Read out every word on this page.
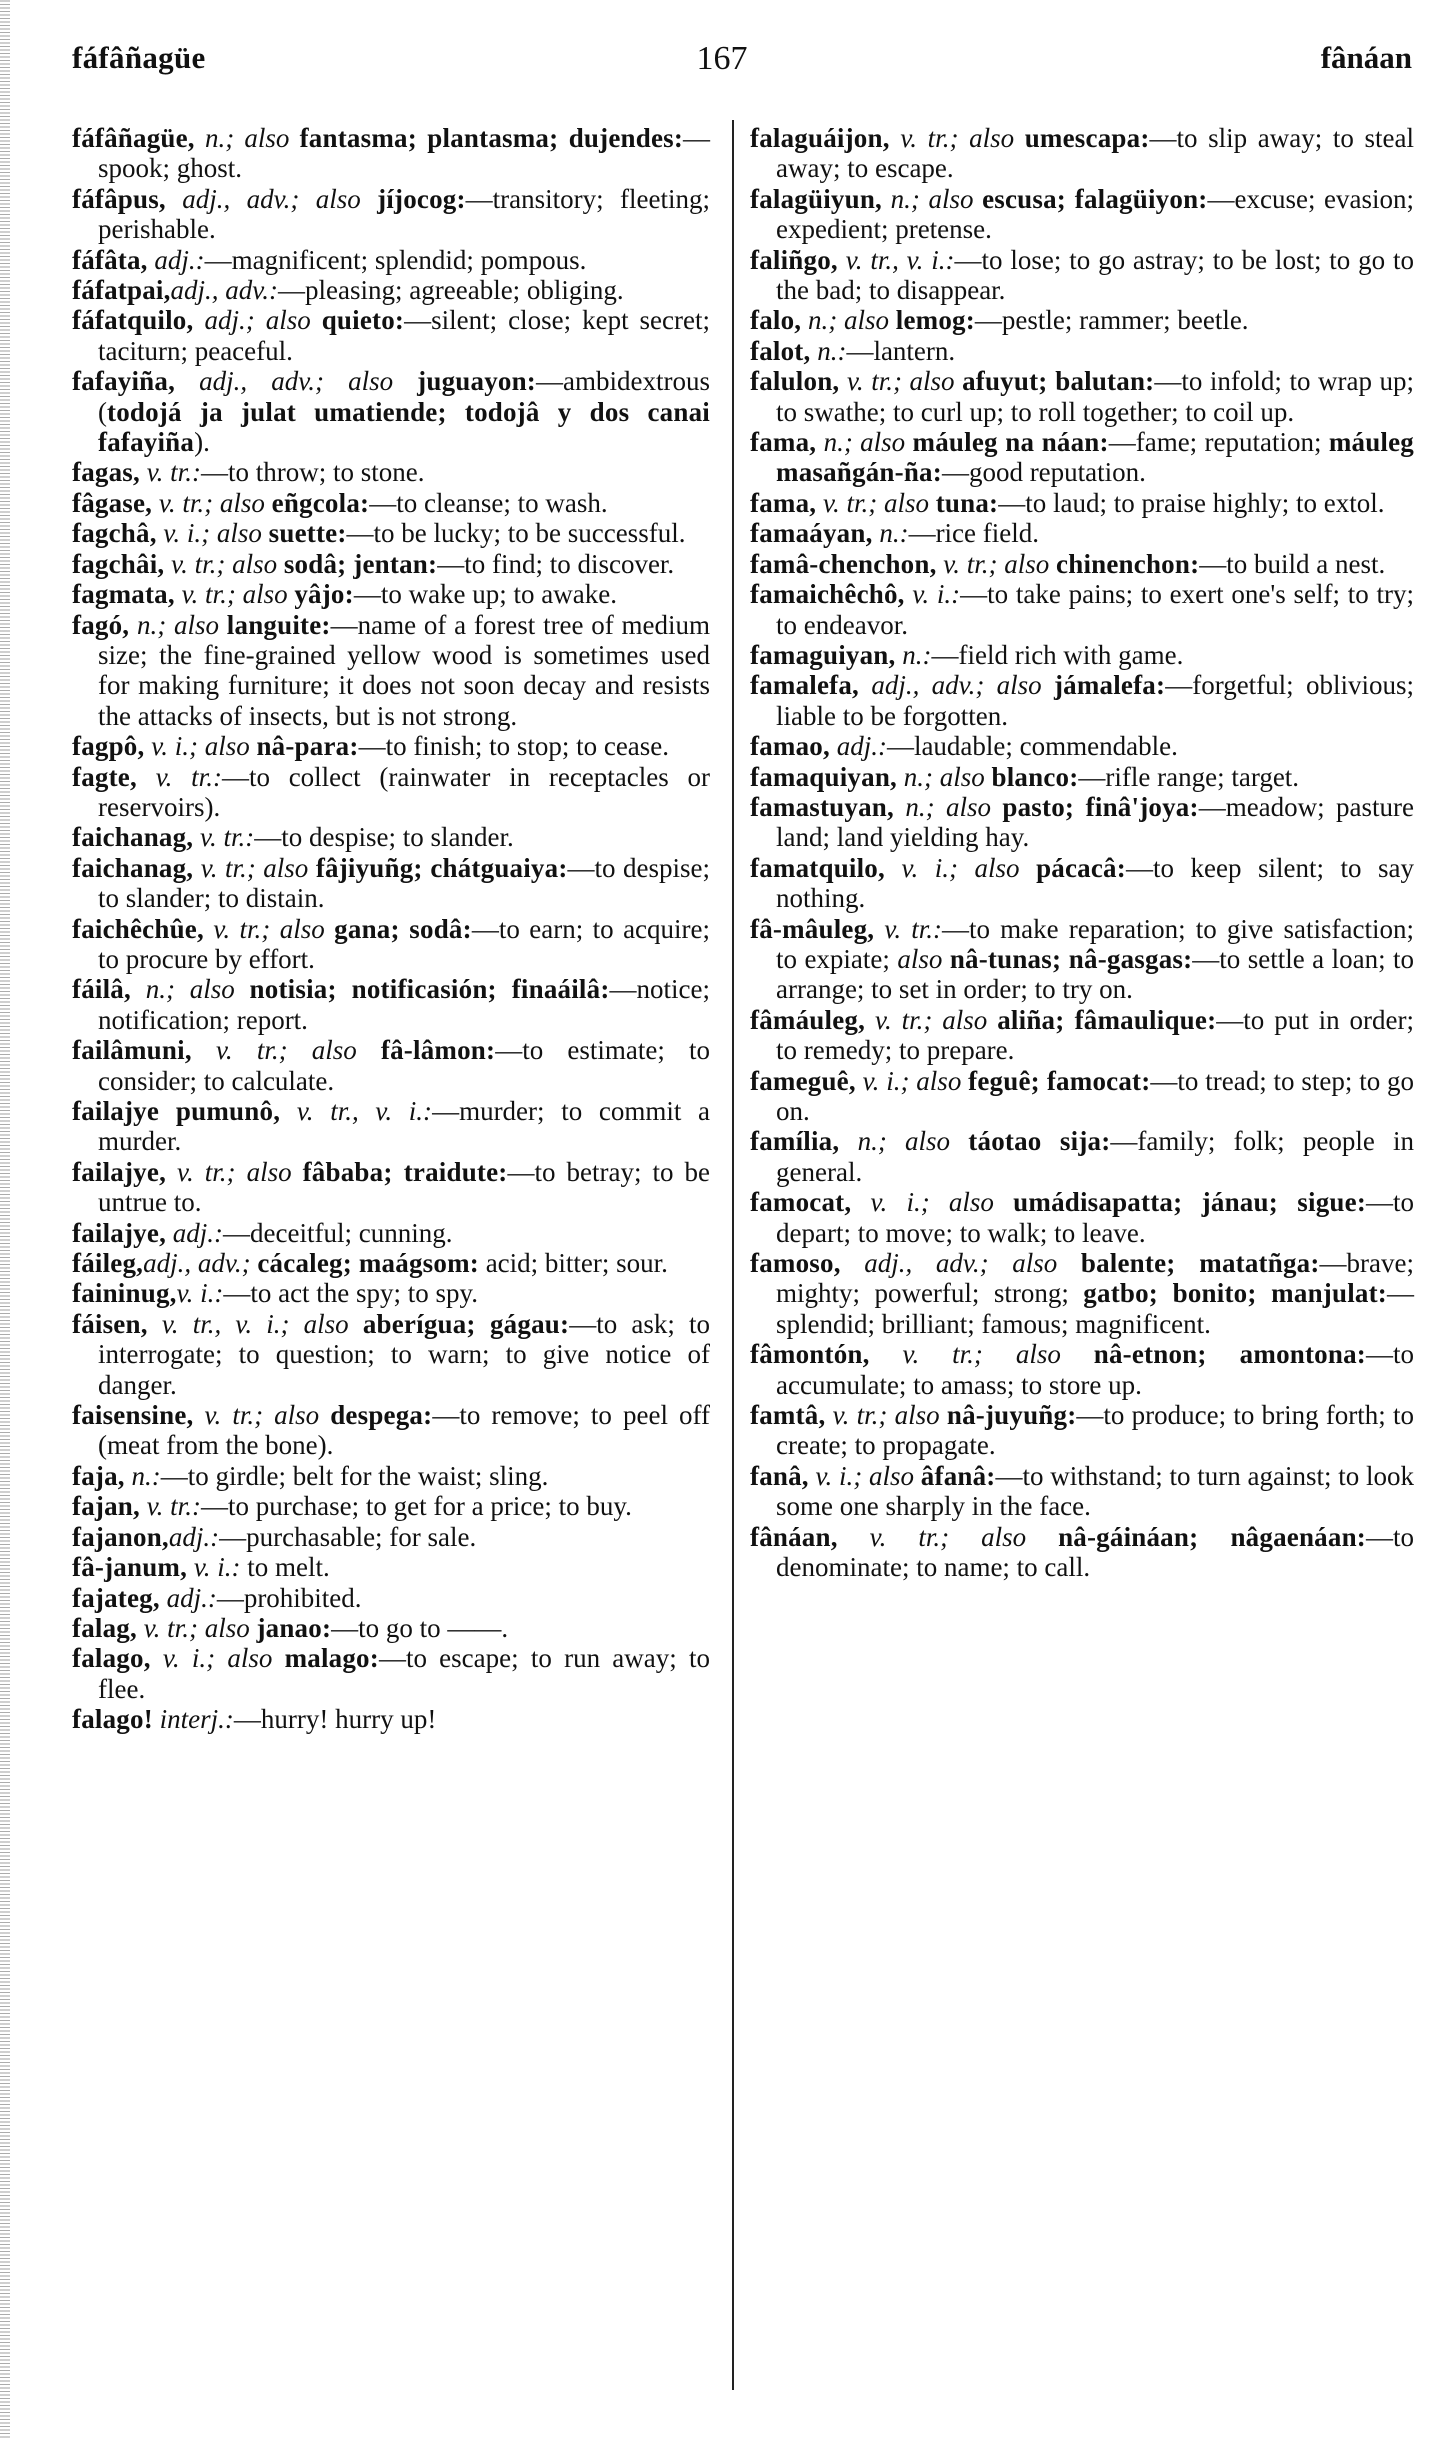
fáfâñagüe	167	fânáan

fáfâñagüe, n.; also fantasma; plantasma; dujendes:—spook; ghost.

fáfâpus, adj., adv.; also jíjocog:—transitory; fleeting; perishable.

fáfâta, adj.:—magnificent; splendid; pompous.

fáfatpai,adj., adv.:—pleasing; agreeable; obliging.

fáfatquilo, adj.; also quieto:—silent; close; kept secret; taciturn; peaceful.

fafayiña, adj., adv.; also juguayon:—ambidextrous (todojá ja julat umatiende; todojâ y dos canai fafayiña).

fagas, v. tr.:—to throw; to stone.

fâgase, v. tr.; also eñgcola:—to cleanse; to wash.

fagchâ, v. i.; also suette:—to be lucky; to be successful.

fagchâi, v. tr.; also sodâ; jentan:—to find; to discover.

fagmata, v. tr.; also yâjo:—to wake up; to awake.

fagó, n.; also languite:—name of a forest tree of medium size; the fine-grained yellow wood is sometimes used for making furniture; it does not soon decay and resists the attacks of insects, but is not strong.

fagpô, v. i.; also nâ-para:—to finish; to stop; to cease.

fagte, v. tr.:—to collect (rainwater in receptacles or reservoirs).

faichanag, v. tr.:—to despise; to slander.

faichanag, v. tr.; also fâjiyuñg; chátguaiya:—to despise; to slander; to distain.

faichêchûe, v. tr.; also gana; sodâ:—to earn; to acquire; to procure by effort.

fáilâ, n.; also notisia; notificasión; finaáilâ:—notice; notification; report.

failâmuni, v. tr.; also fâ-lâmon:—to estimate; to consider; to calculate.

failajye pumunô, v. tr., v. i.:—murder; to commit a murder.

failajye, v. tr.; also fâbaba; traidute:—to betray; to be untrue to.

failajye, adj.:—deceitful; cunning.

fáileg,adj., adv.; cácaleg; maágsom: acid; bitter; sour.

faininug,v. i.:—to act the spy; to spy.

fáisen, v. tr., v. i.; also aberígua; gágau:—to ask; to interrogate; to question; to warn; to give notice of danger.

faisensine, v. tr.; also despega:—to remove; to peel off (meat from the bone).

faja, n.:—to girdle; belt for the waist; sling.

fajan, v. tr.:—to purchase; to get for a price; to buy.

fajanon,adj.:—purchasable; for sale.

fâ-janum, v. i.: to melt.

fajateg, adj.:—prohibited.

falag, v. tr.; also janao:—to go to ——.

falago, v. i.; also malago:—to escape; to run away; to flee.

falago! interj.:—hurry! hurry up!

falaguáijon, v. tr.; also umescapa:—to slip away; to steal away; to escape.

falagüiyun, n.; also escusa; falagüiyon:—excuse; evasion; expedient; pretense.

faliñgo, v. tr., v. i.:—to lose; to go astray; to be lost; to go to the bad; to disappear.

falo, n.; also lemog:—pestle; rammer; beetle.

falot, n.:—lantern.

falulon, v. tr.; also afuyut; balutan:—to infold; to wrap up; to swathe; to curl up; to roll together; to coil up.

fama, n.; also máuleg na náan:—fame; reputation; máuleg masañgán-ña:—good reputation.

fama, v. tr.; also tuna:—to laud; to praise highly; to extol.

famaáyan, n.:—rice field.

famâ-chenchon, v. tr.; also chinenchon:—to build a nest.

famaichêchô, v. i.:—to take pains; to exert one's self; to try; to endeavor.

famaguiyan, n.:—field rich with game.

famalefa, adj., adv.; also jámalefa:—forgetful; oblivious; liable to be forgotten.

famao, adj.:—laudable; commendable.

famaquiyan, n.; also blanco:—rifle range; target.

famastuyan, n.; also pasto; finâ'joya:—meadow; pasture land; land yielding hay.

famatquilo, v. i.; also pácacâ:—to keep silent; to say nothing.

fâ-mâuleg, v. tr.:—to make reparation; to give satisfaction; to expiate; also nâ-tunas; nâ-gasgas:—to settle a loan; to arrange; to set in order; to try on.

fâmáuleg, v. tr.; also aliña; fâmaulique:—to put in order; to remedy; to prepare.

fameguê, v. i.; also feguê; famocat:—to tread; to step; to go on.

família, n.; also táotao sija:—family; folk; people in general.

famocat, v. i.; also umádisapatta; jánau; sigue:—to depart; to move; to walk; to leave.

famoso, adj., adv.; also balente; matatñga:—brave; mighty; powerful; strong; gatbo; bonito; manjulat:—splendid; brilliant; famous; magnificent.

fâmontón, v. tr.; also nâ-etnon; amontona:—to accumulate; to amass; to store up.

famtâ, v. tr.; also nâ-juyuñg:—to produce; to bring forth; to create; to propagate.

fanâ, v. i.; also âfanâ:—to withstand; to turn against; to look some one sharply in the face.

fânáan, v. tr.; also nâ-gáináan; nâgaenáan:—to denominate; to name; to call.
